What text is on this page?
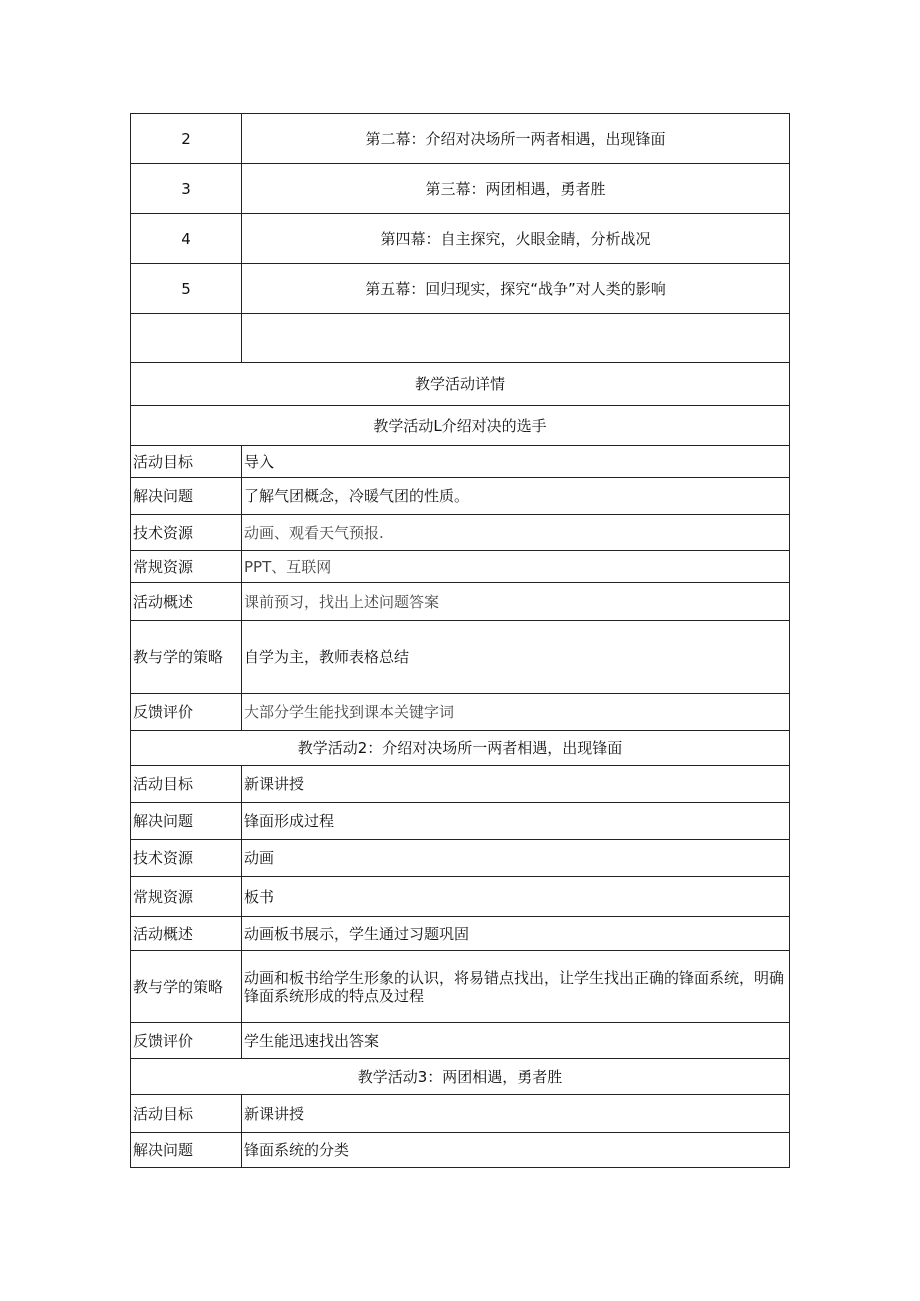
2	第二幕：介绍对决场所一两者相遇，出现锋面
3	第三幕：两团相遇，勇者胜
4	第四幕：自主探究，火眼金睛，分析战况
5	第五幕：回归现实，探究“战争”对人类的影响

教学活动详情	
教学活动L介绍对决的选手	
活动目标	导入
解决问题	了解气团概念，冷暖气团的性质。
技术资源	动画、观看天气预报.
常规资源	PPT、互联网
活动概述	课前预习，找出上述问题答案
教与学的策略	自学为主，教师表格总结
反馈评价	大部分学生能找到课本关键字词
教学活动2：介绍对决场所一两者相遇，出现锋面	
活动目标	新课讲授
解决问题	锋面形成过程
技术资源	动画
常规资源	板书
活动概述	动画板书展示，学生通过习题巩固
教与学的策略	动画和板书给学生形象的认识，将易错点找出，让学生找出正确的锋面系统，明确锋面系统形成的特点及过程
反馈评价	学生能迅速找出答案
教学活动3：两团相遇，勇者胜	
活动目标	新课讲授
解决问题	锋面系统的分类
